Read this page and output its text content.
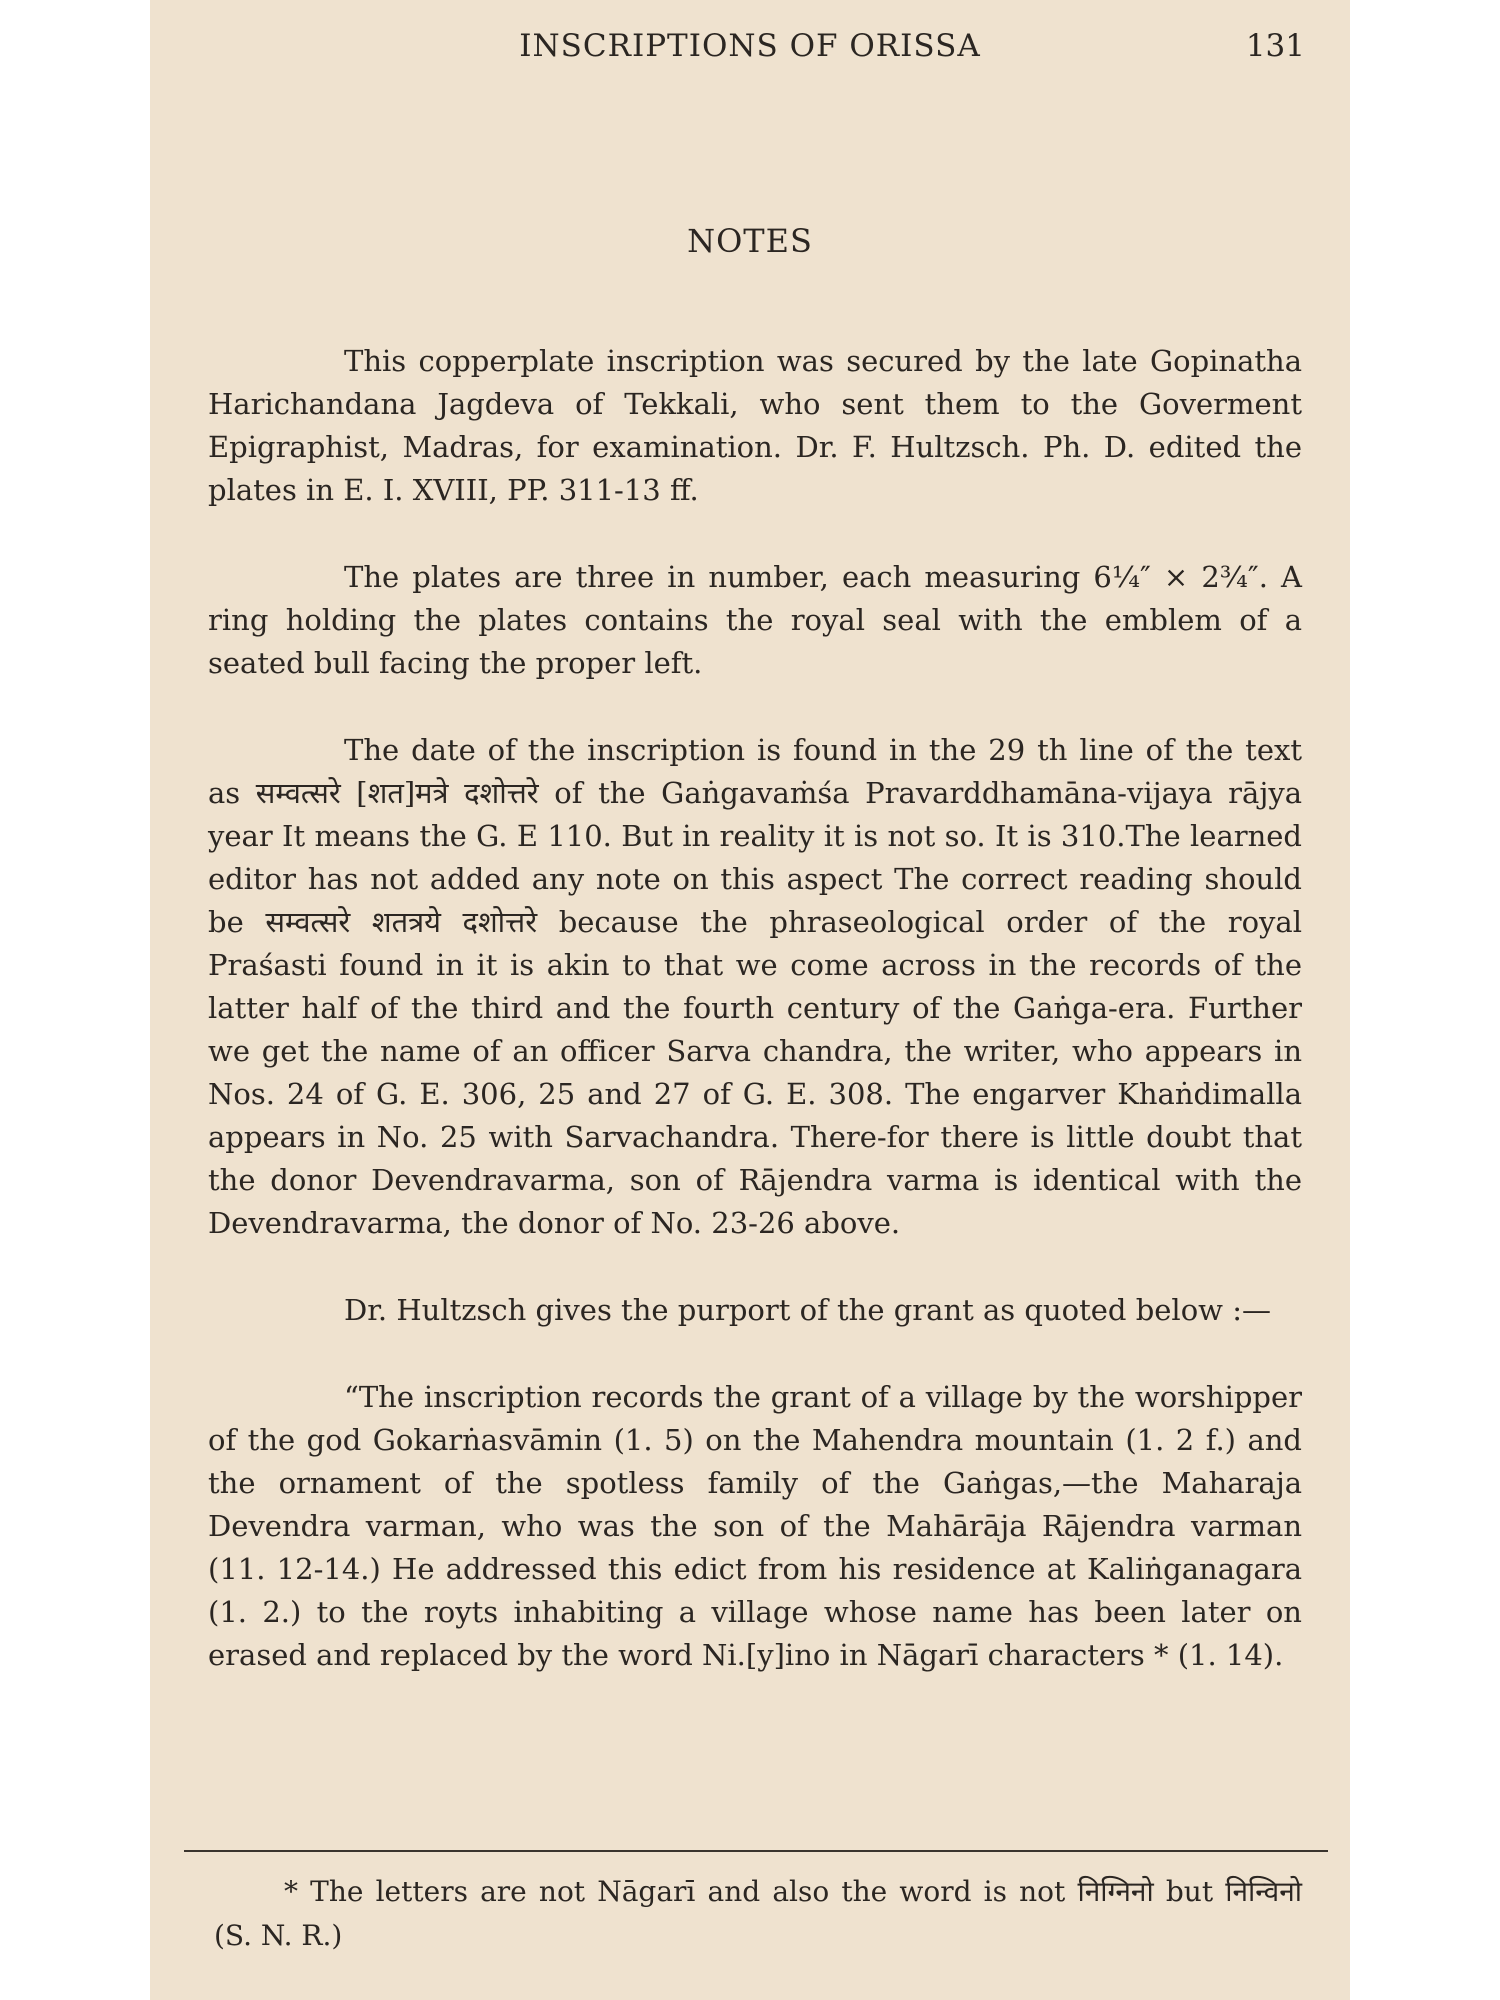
INSCRIPTIONS OF ORISSA	131
NOTES

This copperplate inscription was secured by the late Gopinatha Harichandana Jagdeva of Tekkali, who sent them to the Goverment Epigraphist, Madras, for examination. Dr. F. Hultzsch. Ph. D. edited the plates in E. I. XVIII, PP. 311-13 ff.

The plates are three in number, each measuring 6¼″ × 2¾″. A ring holding the plates contains the royal seal with the emblem of a seated bull facing the proper left.

The date of the inscription is found in the 29 th line of the text as सम्वत्सरे [शत]मत्रे दशोत्तरे of the Gaṅgavaṁśa Pravarddhamāna-vijaya rājya year It means the G. E 110. But in reality it is not so. It is 310.The learned editor has not added any note on this aspect The correct reading should be सम्वत्सरे शतत्रये दशोत्तरे because the phraseological order of the royal Praśasti found in it is akin to that we come across in the records of the latter half of the third and the fourth century of the Gaṅga-era. Further we get the name of an officer Sarva chandra, the writer, who appears in Nos. 24 of G. E. 306, 25 and 27 of G. E. 308. The engarver Khaṅdimalla appears in No. 25 with Sarvachandra. There-for there is little doubt that the donor Devendravarma, son of Rājendra varma is identical with the Devendravarma, the donor of No. 23-26 above.

Dr. Hultzsch gives the purport of the grant as quoted below :—

“The inscription records the grant of a village by the worshipper of the god Gokarṅasvāmin (1. 5) on the Mahendra mountain (1. 2 f.) and the ornament of the spotless family of the Gaṅgas,—the Maharaja Devendra varman, who was the son of the Mahārāja Rājendra varman (11. 12-14.) He addressed this edict from his residence at Kaliṅganagara (1. 2.) to the royts inhabiting a village whose name has been later on erased and replaced by the word Ni.[y]ino in Nāgarī characters * (1. 14).

* The letters are not Nāgarī and also the word is not निग्निनो but निन्विनो (S. N. R.)
